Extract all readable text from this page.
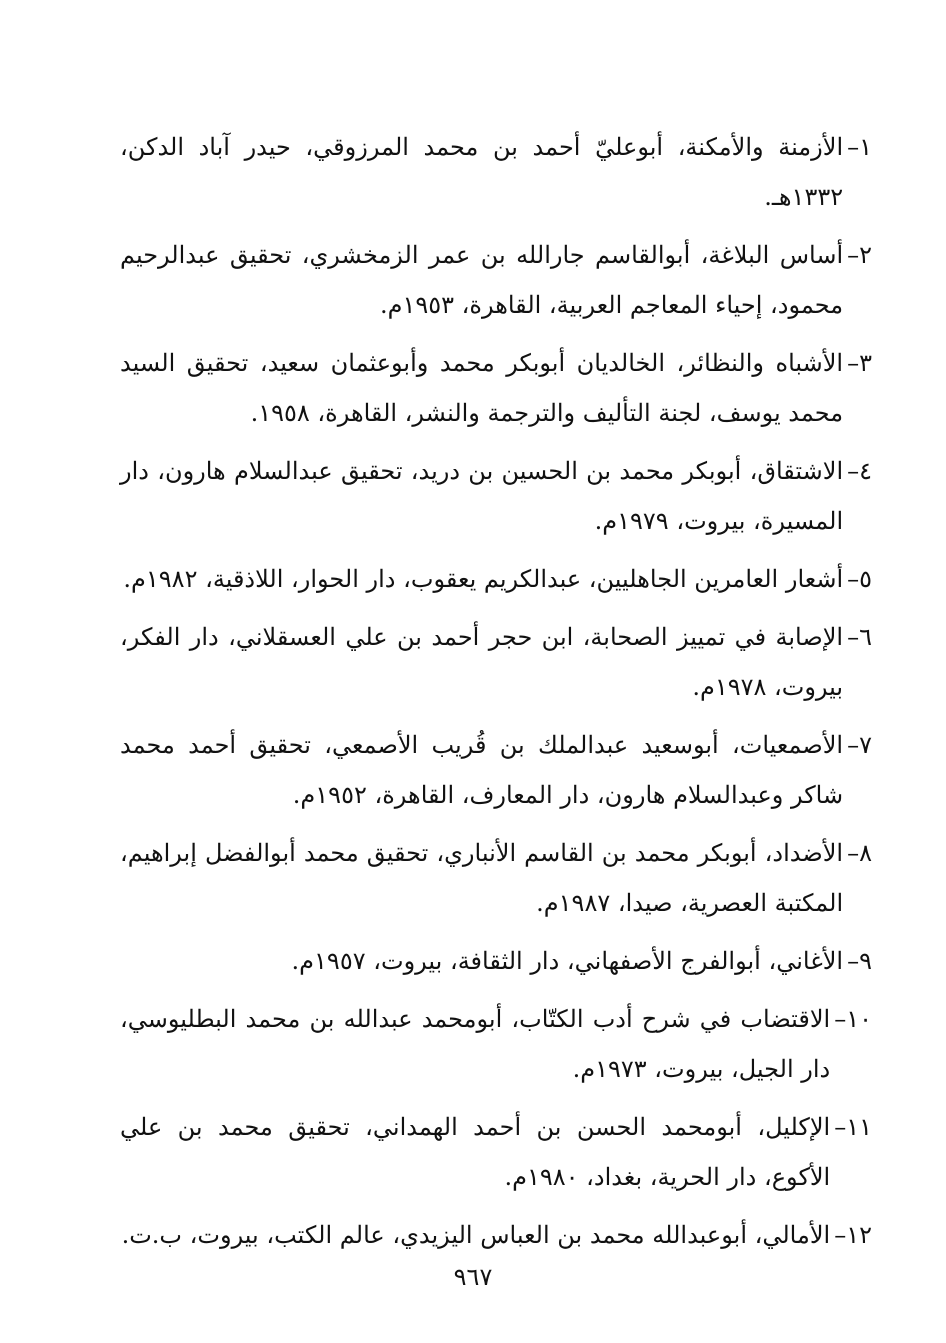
١–
الأزمنة والأمكنة، أبوعليّ أحمد بن محمد المرزوقي، حيدر آباد الدكن، ١٣٣٢هـ.
٢–
أساس البلاغة، أبوالقاسم جارالله بن عمر الزمخشري، تحقيق عبدالرحيم محمود، إحياء المعاجم العربية، القاهرة، ١٩٥٣م.
٣–
الأشباه والنظائر، الخالديان أبوبكر محمد وأبوعثمان سعيد، تحقيق السيد محمد يوسف، لجنة التأليف والترجمة والنشر، القاهرة، ١٩٥٨.
٤–
الاشتقاق، أبوبكر محمد بن الحسين بن دريد، تحقيق عبدالسلام هارون، دار المسيرة، بيروت، ١٩٧٩م.
٥–
أشعار العامرين الجاهليين، عبدالكريم يعقوب، دار الحوار، اللاذقية، ١٩٨٢م.
٦–
الإصابة في تمييز الصحابة، ابن حجر أحمد بن علي العسقلاني، دار الفكر، بيروت، ١٩٧٨م.
٧–
الأصمعيات، أبوسعيد عبدالملك بن قُريب الأصمعي، تحقيق أحمد محمد شاكر وعبدالسلام هارون، دار المعارف، القاهرة، ١٩٥٢م.
٨–
الأضداد، أبوبكر محمد بن القاسم الأنباري، تحقيق محمد أبوالفضل إبراهيم، المكتبة العصرية، صيدا، ١٩٨٧م.
٩–
الأغاني، أبوالفرج الأصفهاني، دار الثقافة، بيروت، ١٩٥٧م.
١٠–
الاقتضاب في شرح أدب الكتّاب، أبومحمد عبدالله بن محمد البطليوسي، دار الجيل، بيروت، ١٩٧٣م.
١١–
الإكليل، أبومحمد الحسن بن أحمد الهمداني، تحقيق محمد بن علي الأكوع، دار الحرية، بغداد، ١٩٨٠م.
١٢–
الأمالي، أبوعبدالله محمد بن العباس اليزيدي، عالم الكتب، بيروت، ب.ت.
٩٦٧
